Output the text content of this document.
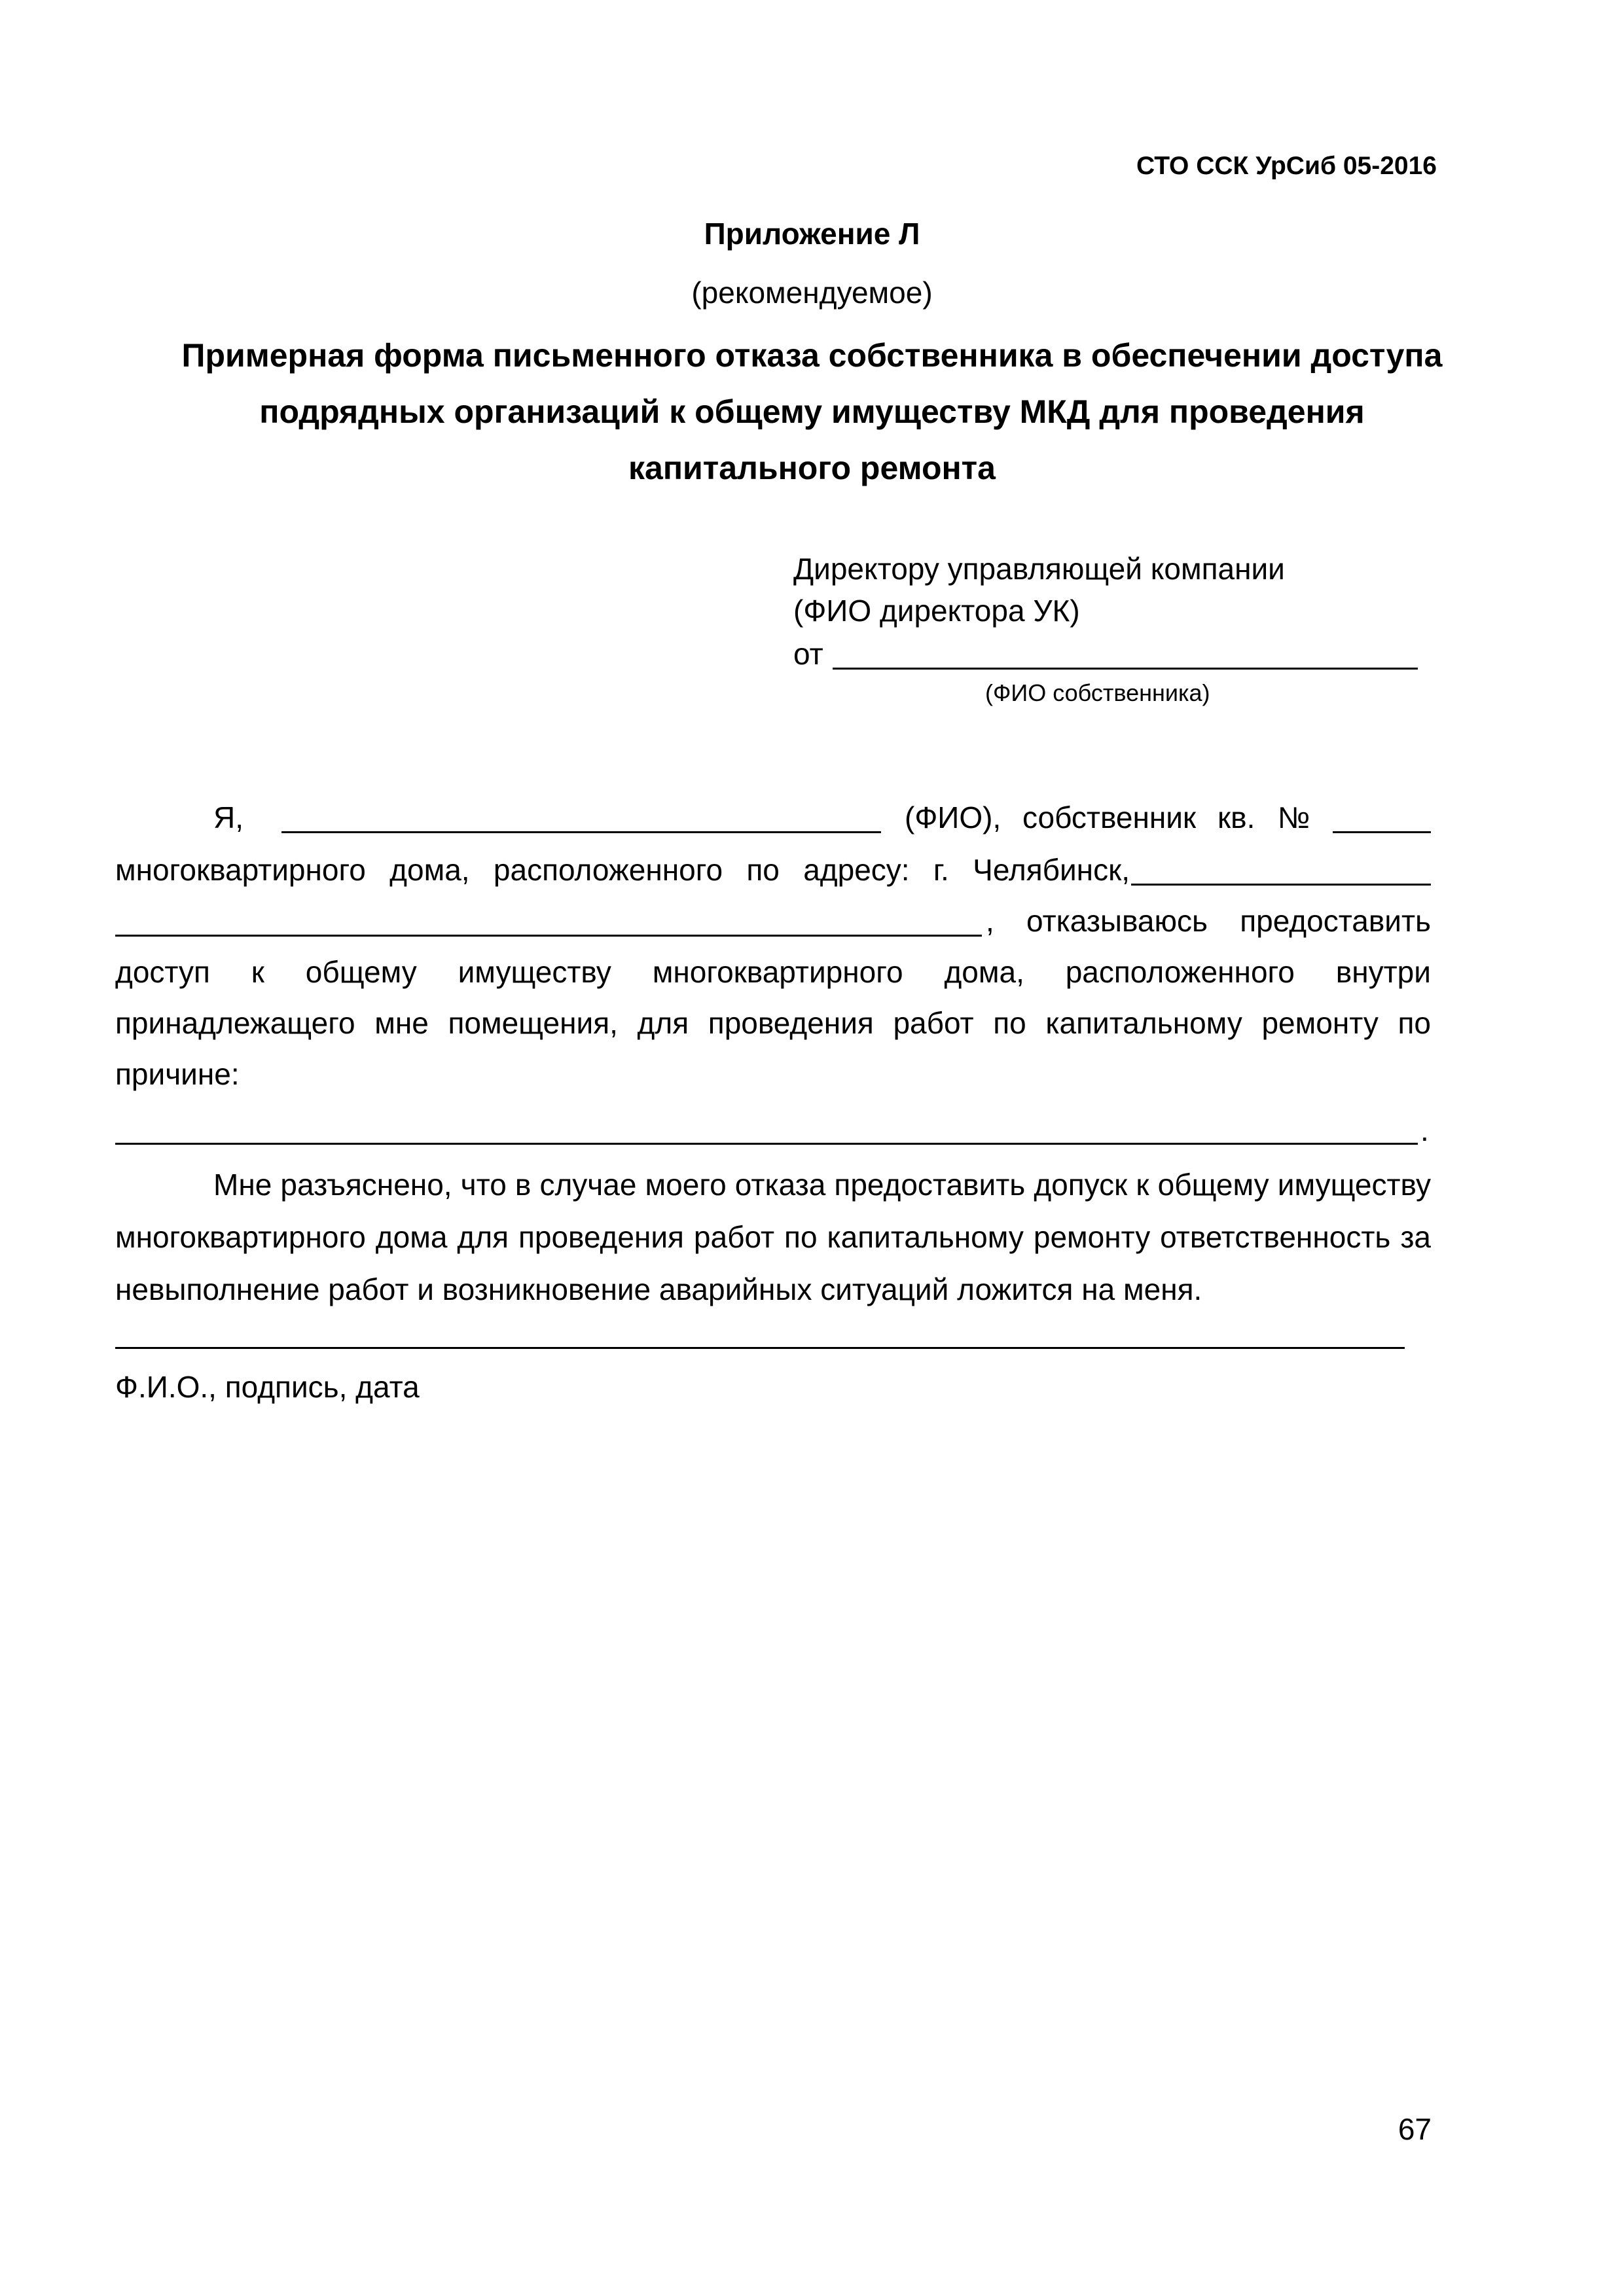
СТО ССК УрСиб 05-2016
Приложение Л
(рекомендуемое)
Примерная форма письменного отказа собственника в обеспечении доступа
подрядных организаций к общему имуществу МКД для проведения
капитального ремонта
Директору управляющей компании
(ФИО директора УК)
от
(ФИО собственника)
Я,	(ФИО), собственник кв. №
многоквартирного дома, расположенного по адресу: г. Челябинск,
, отказываюсь предоставить
доступ к общему имуществу многоквартирного дома, расположенного внутри
принадлежащего мне помещения, для проведения работ по капитальному ремонту по
причине:
.
Мне разъяснено, что в случае моего отказа предоставить допуск к общему имуществу многоквартирного дома для проведения работ по капитальному ремонту ответственность за невыполнение работ и возникновение аварийных ситуаций ложится на меня.
Ф.И.О., подпись, дата
67
